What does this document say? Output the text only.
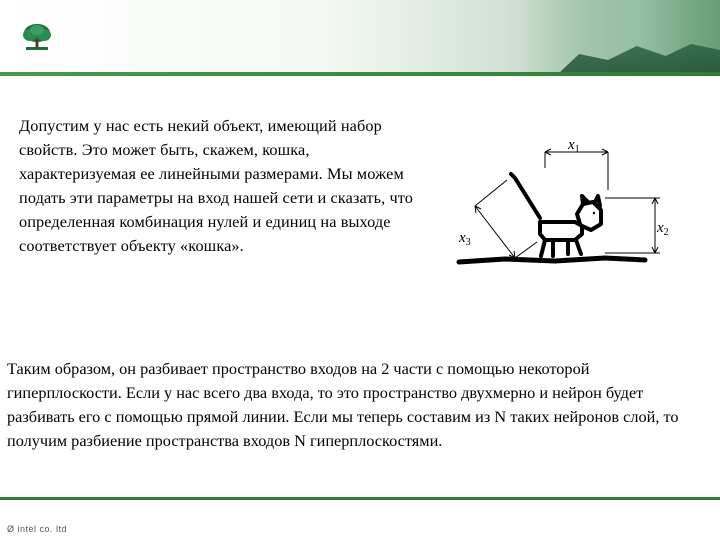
Допустим у нас есть некий объект, имеющий набор свойств. Это может быть, скажем, кошка, характеризуемая ее линейными размерами. Мы можем подать эти параметры на вход нашей сети и сказать, что определенная комбинация нулей и единиц на выходе соответствует объекту «кошка».
$x_1$
$x_2$
$x_3$
Таким образом, он разбивает пространство входов на 2 части с помощью некоторой гиперплоскости. Если у нас всего два входа, то это пространство двухмерно и нейрон будет разбивать его с помощью прямой линии. Если мы теперь составим из N таких нейронов слой, то получим разбиение пространства входов N гиперплоскостями.
Ø intel co. ltd
